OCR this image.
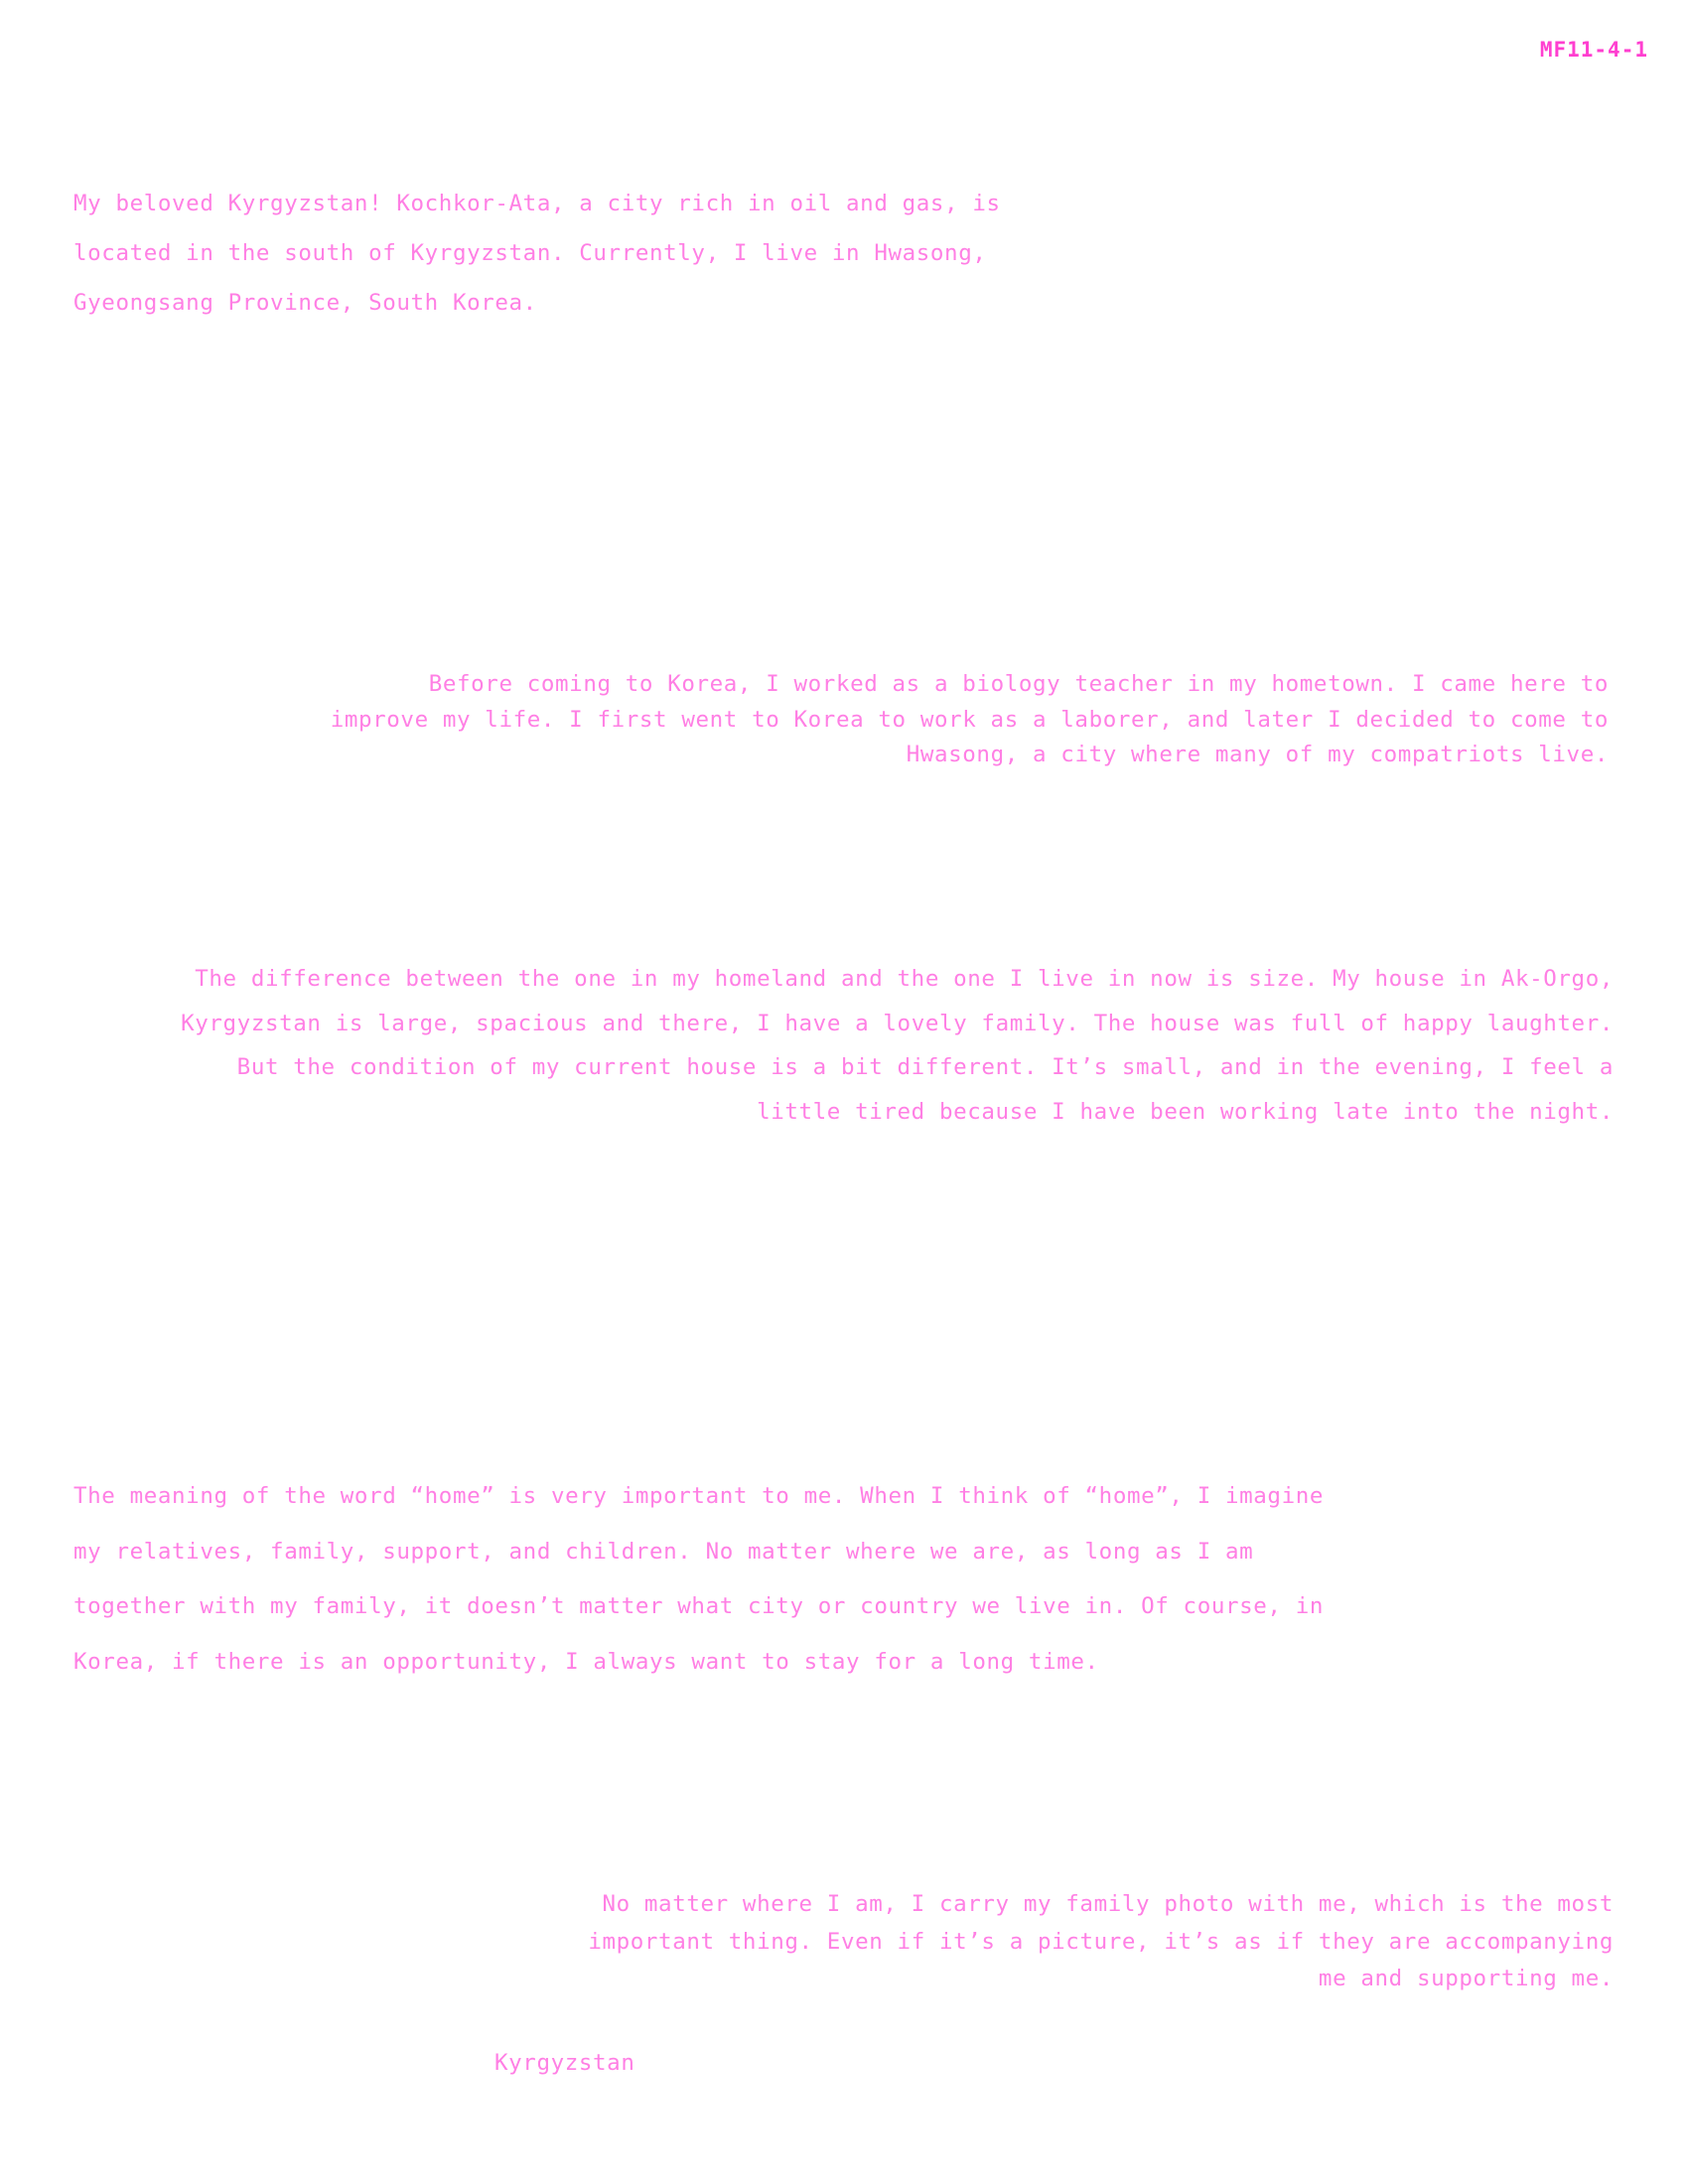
MF11-4-1
My beloved Kyrgyzstan! Kochkor-Ata, a city rich in oil and gas, is located in the south of Kyrgyzstan. Currently, I live in Hwasong, Gyeongsang Province, South Korea.
Before coming to Korea, I worked as a biology teacher in my hometown. I came here to improve my life. I first went to Korea to work as a laborer, and later I decided to come to Hwasong, a city where many of my compatriots live.
The difference between the one in my homeland and the one I live in now is size. My house in Ak-Orgo, Kyrgyzstan is large, spacious and there, I have a lovely family. The house was full of happy laughter. But the condition of my current house is a bit different. It’s small, and in the evening, I feel a little tired because I have been working late into the night.
The meaning of the word “home” is very important to me. When I think of “home”, I imagine my relatives, family, support, and children. No matter where we are, as long as I am together with my family, it doesn’t matter what city or country we live in. Of course, in Korea, if there is an opportunity, I always want to stay for a long time.
No matter where I am, I carry my family photo with me, which is the most important thing. Even if it’s a picture, it’s as if they are accompanying me and supporting me.
Kyrgyzstan
